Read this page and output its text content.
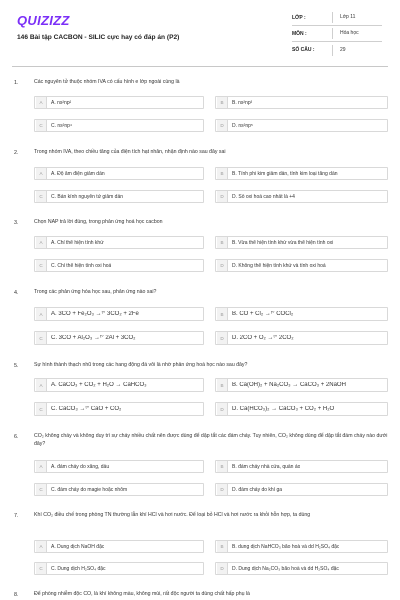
QUIZIZZ
146 Bài tập CACBON - SILIC cực hay có đáp án (P2)
LỚP :	Lớp 11
MÔN :	Hóa học
SỐ CÂU :	29
1.	Các nguyên tử thuộc nhóm IVA có cấu hình e lớp ngoài cùng là
A	A. ns²np²	B	B. ns²np³
C	C. ns²np⁴	D	D. ns²np⁵
2.	Trong nhóm IVA, theo chiều tăng của điện tích hạt nhân, nhận định nào sau đây sai
A	A. Độ âm điện giảm dần	B	B. Tính phi kim giảm dần, tính kim loại tăng dần
C	C. Bán kính nguyên tử giảm dần	D	D. Số oxi hoá cao nhất là +4
3.	Chọn NAP trả lời đúng, trong phản ứng hoá học cacbon
A	A. Chỉ thể hiện tính khử	B	B. Vừa thể hiện tính khử vừa thể hiện tính oxi
C	C. Chỉ thể hiện tính oxi hoá	D	D. Không thể hiện tính khử và tính oxi hoá
4.	Trong các phản ứng hóa học sau, phản ứng nào sai?
A	A. 3CO + Fe₂O₃ →ᵗ° 3CO₂ + 2Fe	B	B. CO + Cl₂ →ᵗ° COCl₂
C	C. 3CO + Al₂O₃ →ᵗ° 2Al + 3CO₂	D	D. 2CO + O₂ →ᵗ° 2CO₂
5.	Sự hình thành thạch nhũ trong các hang động đá vôi là nhờ phản ứng hoá học nào sau đây?
A	A. CaCO₃ + CO₂ + H₂O → CaHCO₃	B	B. Ca(OH)₂ + Na₂CO₃ → CaCO₃ + 2NaOH
C	C. CaCO₃ →ᵗ° CaO + CO₂	D	D. Ca(HCO₃)₂ → CaCO₃ + CO₂ + H₂O
6.	CO₂ không cháy và không duy trì sự cháy nhiều chất nên được dùng để dập tắt các đám cháy. Tuy nhiên, CO₂ không dùng để dập tắt đám cháy nào dưới đây?
A	A. đám cháy do xăng, dầu	B	B. đám cháy nhà cửa, quần áo
C	C. đám cháy do magie hoặc nhôm	D	D. đám cháy do khí ga
7.	Khí CO₂ điều chế trong phòng TN thường lẫn khí HCl và hơi nước. Để loại bỏ HCl và hơi nước ra khỏi hỗn hợp, ta dùng
A	A. Dung dịch NaOH đặc	B	B. dung dịch NaHCO₃ bão hoà và dd H₂SO₄ đặc
C	C. Dung dịch H₂SO₄ đặc	D	D. Dung dịch Na₂CO₃ bão hoà và dd H₂SO₄ đặc
8.	Để phòng nhiễm độc CO, là khí không màu, không mùi, rất độc người ta dùng chất hấp phụ là
